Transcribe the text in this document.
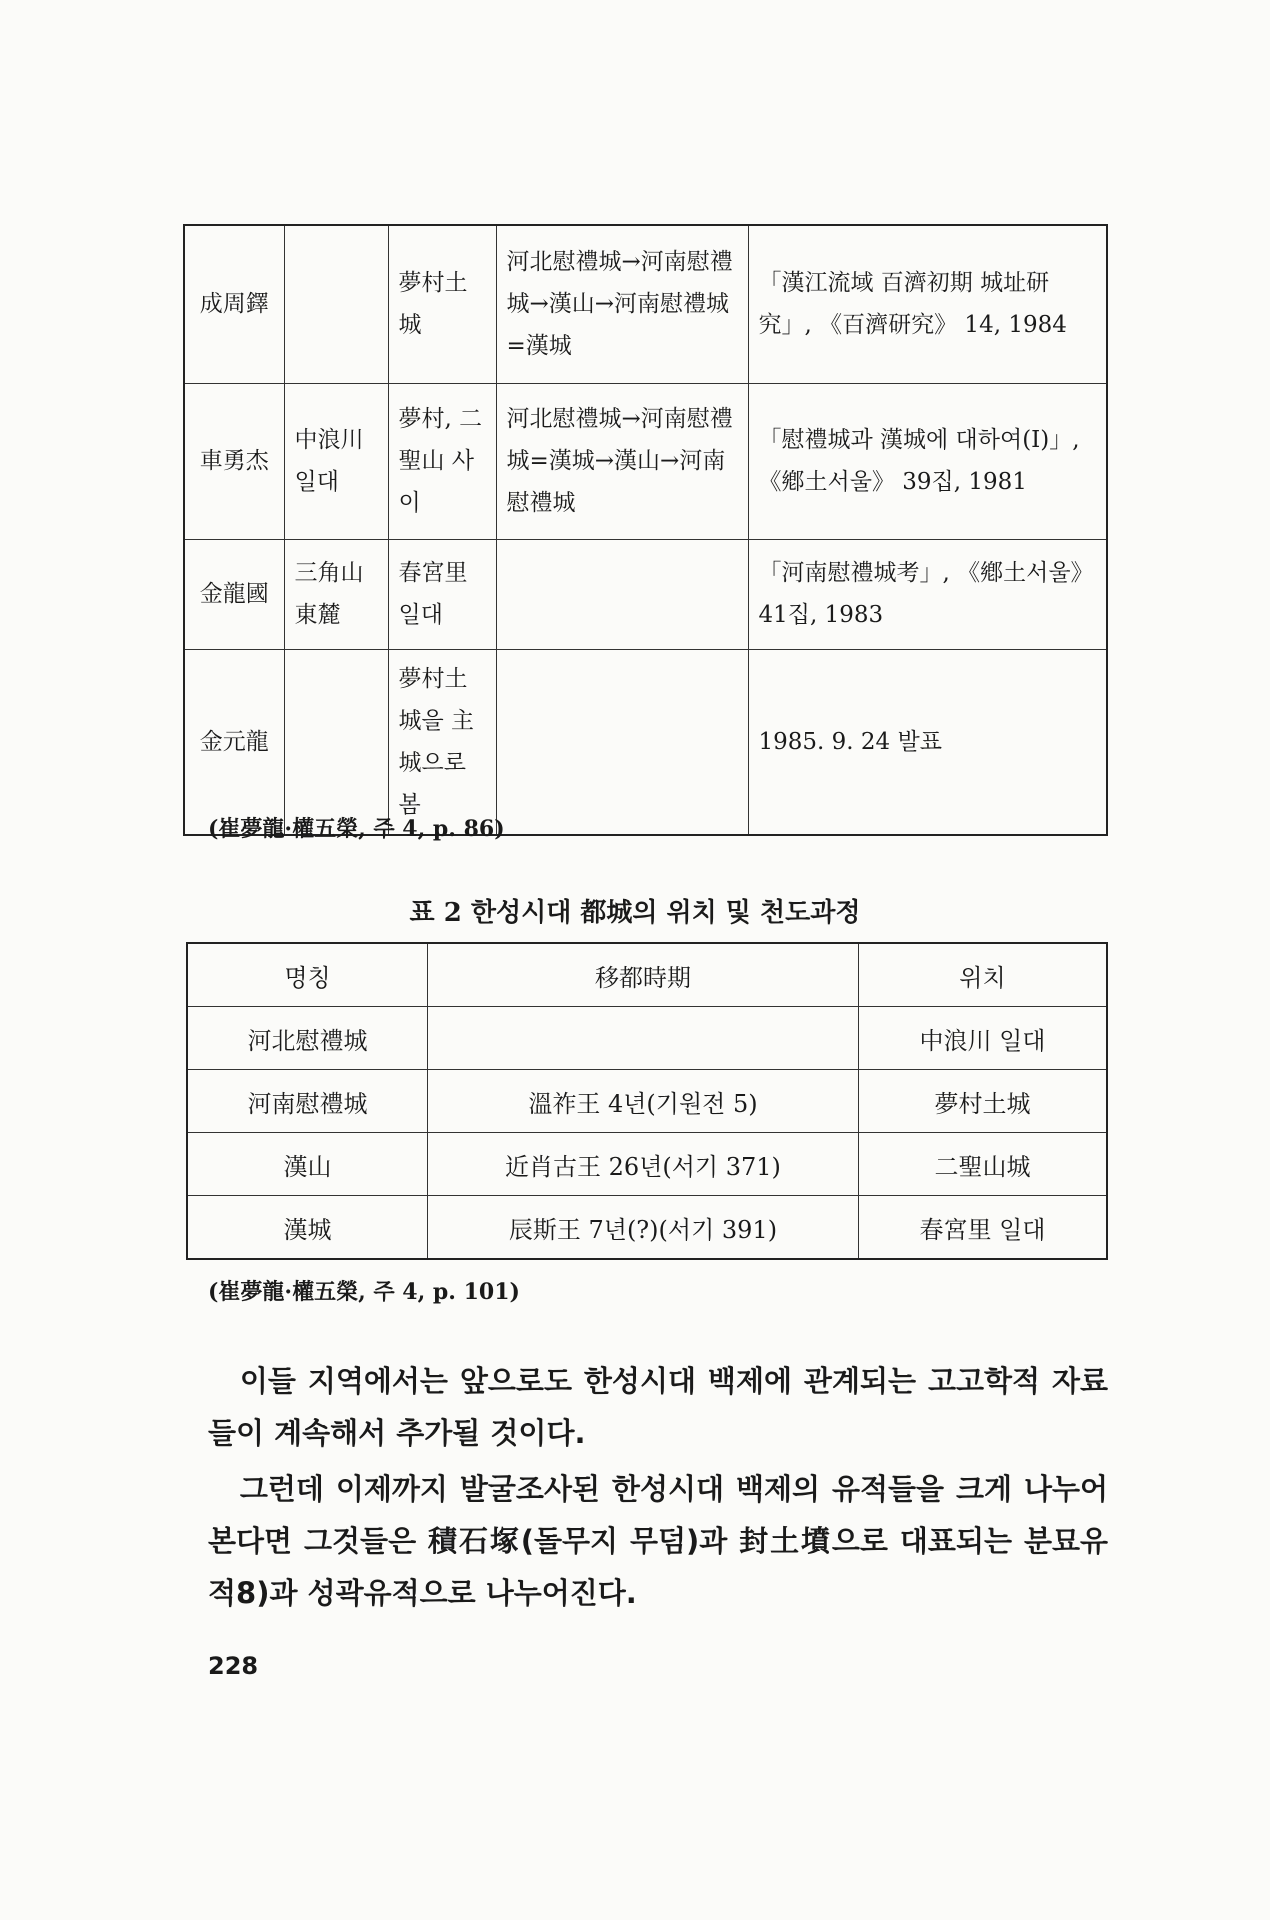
成周鐸		夢村土城	河北慰禮城→河南慰禮城→漢山→河南慰禮城=漢城	「漢江流域 百濟初期 城址研究」, 《百濟研究》 14, 1984
車勇杰	中浪川 일대	夢村, 二聖山 사이	河北慰禮城→河南慰禮城=漢城→漢山→河南慰禮城	「慰禮城과 漢城에 대하여(Ⅰ)」, 《鄕土서울》 39집, 1981
金龍國	三角山 東麓	春宮里 일대		「河南慰禮城考」, 《鄕土서울》 41집, 1983
金元龍		夢村土城을 主城으로 봄		1985. 9. 24 발표
(崔夢龍·權五榮, 주 4, p. 86)
표 2 한성시대 都城의 위치 및 천도과정
명칭	移都時期	위치
河北慰禮城		中浪川 일대
河南慰禮城	溫祚王 4년(기원전 5)	夢村土城
漢山	近肖古王 26년(서기 371)	二聖山城
漢城	辰斯王 7년(?)(서기 391)	春宮里 일대
(崔夢龍·權五榮, 주 4, p. 101)

이들 지역에서는 앞으로도 한성시대 백제에 관계되는 고고학적 자료들이 계속해서 추가될 것이다.

그런데 이제까지 발굴조사된 한성시대 백제의 유적들을 크게 나누어 본다면 그것들은 積石塚(돌무지 무덤)과 封土墳으로 대표되는 분묘유적8)과 성곽유적으로 나누어진다.

228
